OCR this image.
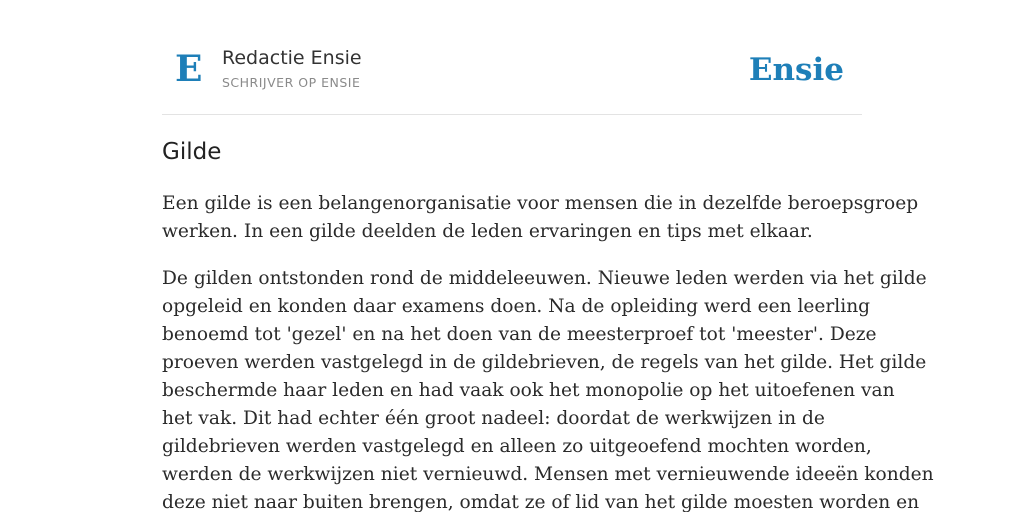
E Redactie Ensie
SCHRIJVER OP ENSIE	Ensie
Gilde

Een gilde is een belangenorganisatie voor mensen die in dezelfde beroepsgroep
werken. In een gilde deelden de leden ervaringen en tips met elkaar.

De gilden ontstonden rond de middeleeuwen. Nieuwe leden werden via het gilde
opgeleid en konden daar examens doen. Na de opleiding werd een leerling
benoemd tot 'gezel' en na het doen van de meesterproef tot 'meester'. Deze
proeven werden vastgelegd in de gildebrieven, de regels van het gilde. Het gilde
beschermde haar leden en had vaak ook het monopolie op het uitoefenen van
het vak. Dit had echter één groot nadeel: doordat de werkwijzen in de
gildebrieven werden vastgelegd en alleen zo uitgeoefend mochten worden,
werden de werkwijzen niet vernieuwd. Mensen met vernieuwende ideeën konden
deze niet naar buiten brengen, omdat ze of lid van het gilde moesten worden en
